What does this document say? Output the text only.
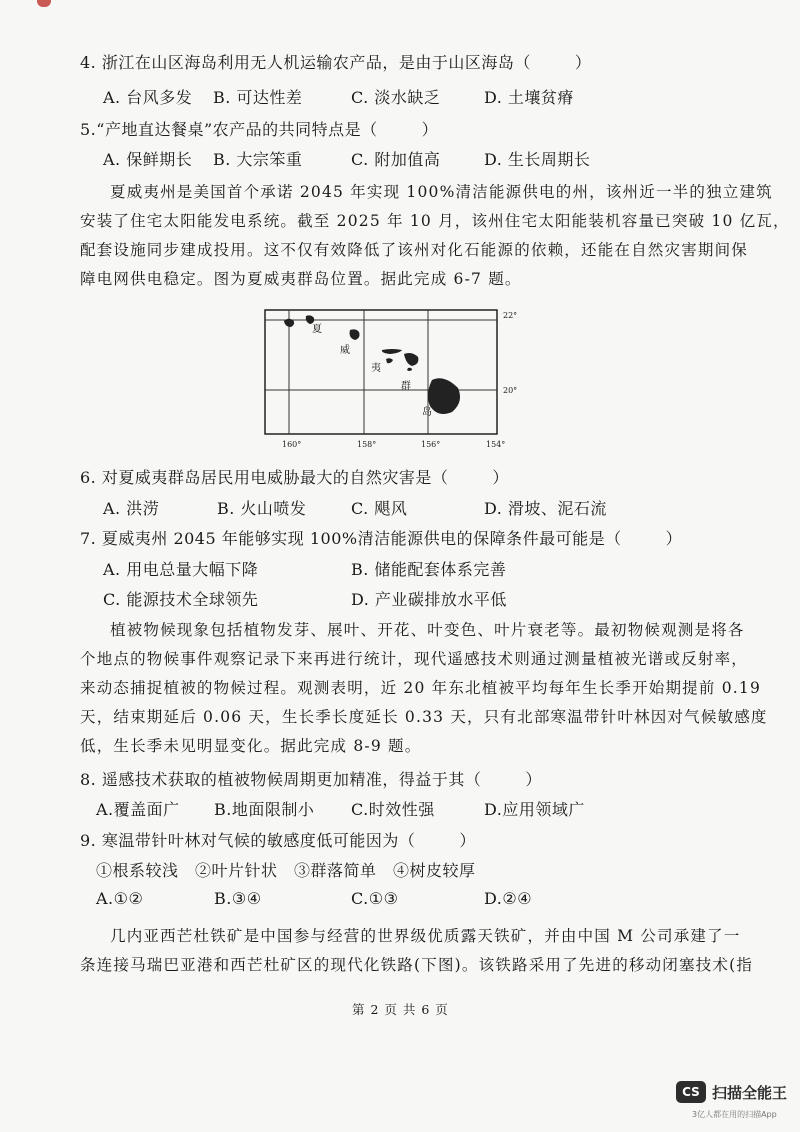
4. 浙江在山区海岛利用无人机运输农产品，是由于山区海岛（	）
A. 台风多发 B. 可达性差	C. 淡水缺乏	D. 土壤贫瘠
5.“产地直达餐桌”农产品的共同特点是（	）
A. 保鲜期长 B. 大宗笨重	C. 附加值高	D. 生长周期长
夏威夷州是美国首个承诺 2045 年实现 100%清洁能源供电的州，该州近一半的独立建筑
安装了住宅太阳能发电系统。截至 2025 年 10 月，该州住宅太阳能装机容量已突破 10 亿瓦，
配套设施同步建成投用。这不仅有效降低了该州对化石能源的依赖，还能在自然灾害期间保
障电网供电稳定。图为夏威夷群岛位置。据此完成 6-7 题。
22°
20°
160°	158°	156°	154°
夏
威
夷
群
岛
6. 对夏威夷群岛居民用电威胁最大的自然灾害是（	）
A. 洪涝	B. 火山喷发	C. 飓风	D. 滑坡、泥石流
7. 夏威夷州 2045 年能够实现 100%清洁能源供电的保障条件最可能是（	）
A. 用电总量大幅下降	B. 储能配套体系完善
C. 能源技术全球领先	D. 产业碳排放水平低
植被物候现象包括植物发芽、展叶、开花、叶变色、叶片衰老等。最初物候观测是将各
个地点的物候事件观察记录下来再进行统计，现代遥感技术则通过测量植被光谱或反射率，
来动态捕捉植被的物候过程。观测表明，近 20 年东北植被平均每年生长季开始期提前 0.19
天，结束期延后 0.06 天，生长季长度延长 0.33 天，只有北部寒温带针叶林因对气候敏感度
低，生长季未见明显变化。据此完成 8-9 题。
8. 遥感技术获取的植被物候周期更加精准，得益于其（	）
A.覆盖面广 B.地面限制小 C.时效性强	D.应用领域广
9. 寒温带针叶林对气候的敏感度低可能因为（	）
①根系较浅　②叶片针状　③群落简单　④树皮较厚
A.①②	B.③④	C.①③	D.②④
几内亚西芒杜铁矿是中国参与经营的世界级优质露天铁矿，并由中国 M 公司承建了一
条连接马瑞巴亚港和西芒杜矿区的现代化铁路(下图)。该铁路采用了先进的移动闭塞技术(指
第 2 页 共 6 页
CS 扫描全能王
3亿人都在用的扫描App
